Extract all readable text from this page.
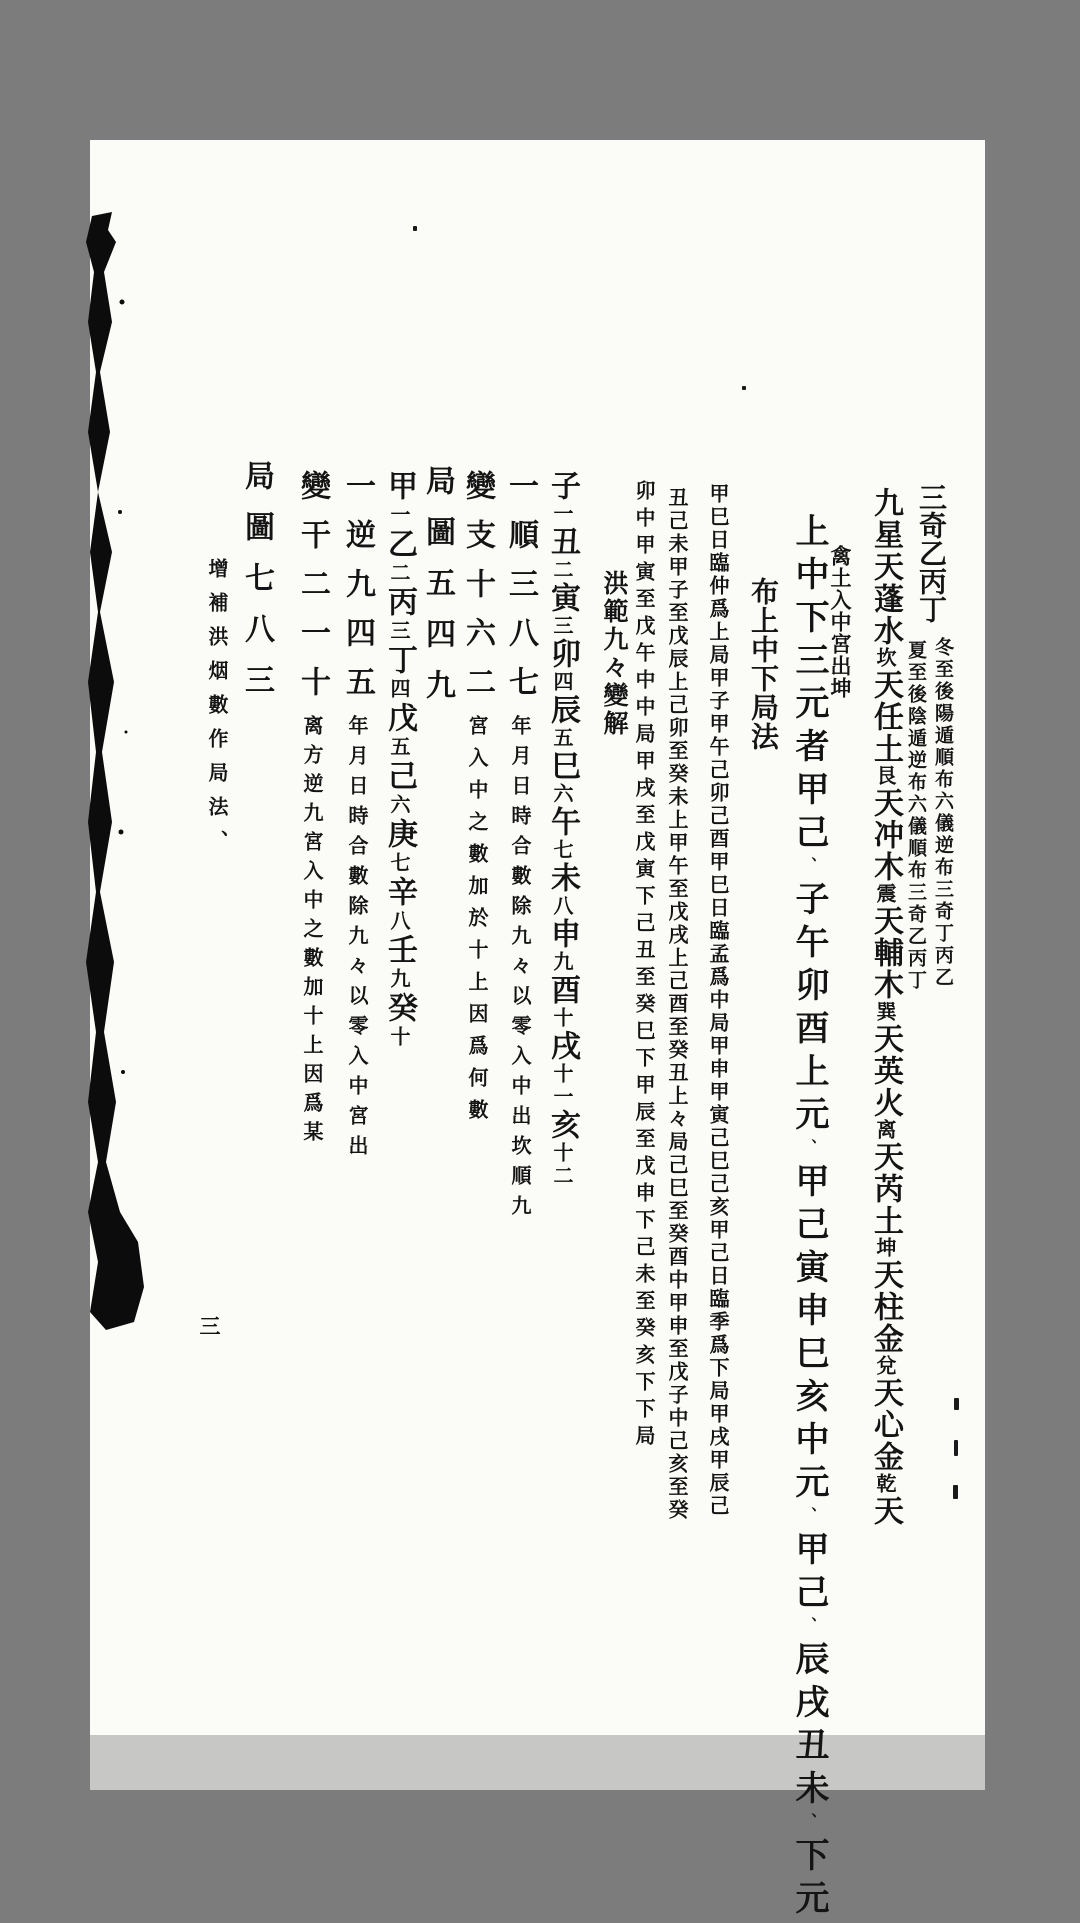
三奇乙丙丁
冬至後陽遁順布六儀逆布三奇丁丙乙
夏至後陰遁逆布六儀順布三奇乙丙丁
九星天蓬水坎天任土艮天冲木震天輔木巽天英火离天芮土坤天柱金兌天心金乾天
禽土入中宮出坤
上中下三元者甲己、子午卯酉上元、甲己寅申巳亥中元、甲己、辰戌丑未、下元
布上中下局法
甲巳日臨仲爲上局甲子甲午己卯己酉甲巳日臨孟爲中局甲申甲寅己巳己亥甲己日臨季爲下局甲戌甲辰己
丑己未甲子至戊辰上己卯至癸未上甲午至戊戌上己酉至癸丑上々局己巳至癸酉中甲申至戊子中己亥至癸
卯中甲寅至戊午中中局甲戌至戊寅下己丑至癸巳下甲辰至戊申下己未至癸亥下下局
洪範九々變解
子一丑二寅三卯四辰五巳六午七未八申九酉十戌十一亥十二
一順三八七年月日時合數除九々以零入中出坎順九
變支十六二宮入中之數加於十上因爲何數
局圖五四九
甲一乙二丙三丁四戊五己六庚七辛八壬九癸十
一逆九四五年月日時合數除九々以零入中宮出
變干二一十离方逆九宮入中之數加十上因爲某
局圖七八三
增補洪烟數作局法、
三
